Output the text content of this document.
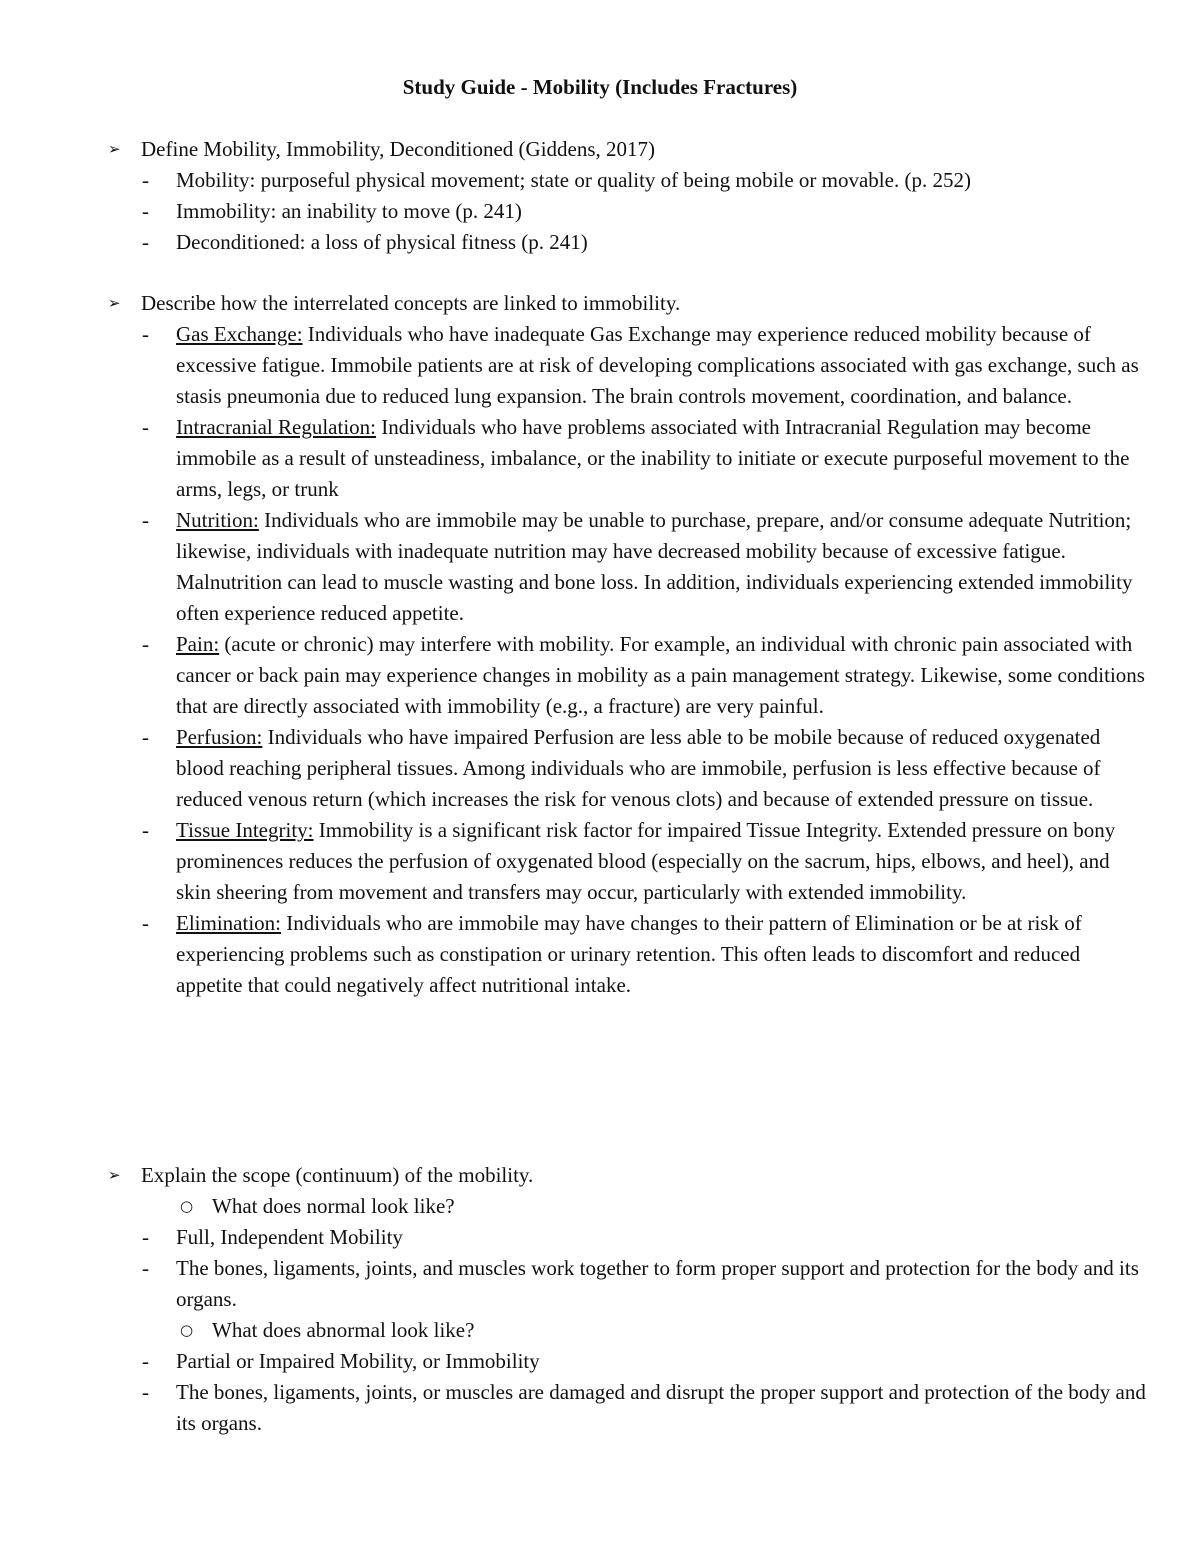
Study Guide - Mobility (Includes Fractures)
➢ Define Mobility, Immobility, Deconditioned (Giddens, 2017)
- Mobility: purposeful physical movement; state or quality of being mobile or movable. (p. 252)
- Immobility: an inability to move (p. 241)
- Deconditioned: a loss of physical fitness (p. 241)
➢ Describe how the interrelated concepts are linked to immobility.
- Gas Exchange: Individuals who have inadequate Gas Exchange may experience reduced mobility because of excessive fatigue. Immobile patients are at risk of developing complications associated with gas exchange, such as stasis pneumonia due to reduced lung expansion. The brain controls movement, coordination, and balance.
- Intracranial Regulation: Individuals who have problems associated with Intracranial Regulation may become immobile as a result of unsteadiness, imbalance, or the inability to initiate or execute purposeful movement to the arms, legs, or trunk
- Nutrition: Individuals who are immobile may be unable to purchase, prepare, and/or consume adequate Nutrition; likewise, individuals with inadequate nutrition may have decreased mobility because of excessive fatigue. Malnutrition can lead to muscle wasting and bone loss. In addition, individuals experiencing extended immobility often experience reduced appetite.
- Pain: (acute or chronic) may interfere with mobility. For example, an individual with chronic pain associated with cancer or back pain may experience changes in mobility as a pain management strategy. Likewise, some conditions that are directly associated with immobility (e.g., a fracture) are very painful.
- Perfusion: Individuals who have impaired Perfusion are less able to be mobile because of reduced oxygenated blood reaching peripheral tissues. Among individuals who are immobile, perfusion is less effective because of reduced venous return (which increases the risk for venous clots) and because of extended pressure on tissue.
- Tissue Integrity: Immobility is a significant risk factor for impaired Tissue Integrity. Extended pressure on bony prominences reduces the perfusion of oxygenated blood (especially on the sacrum, hips, elbows, and heel), and skin sheering from movement and transfers may occur, particularly with extended immobility.
- Elimination: Individuals who are immobile may have changes to their pattern of Elimination or be at risk of experiencing problems such as constipation or urinary retention. This often leads to discomfort and reduced appetite that could negatively affect nutritional intake.
➢ Explain the scope (continuum) of the mobility.
○ What does normal look like?
- Full, Independent Mobility
- The bones, ligaments, joints, and muscles work together to form proper support and protection for the body and its organs.
○ What does abnormal look like?
- Partial or Impaired Mobility, or Immobility
- The bones, ligaments, joints, or muscles are damaged and disrupt the proper support and protection of the body and its organs.
